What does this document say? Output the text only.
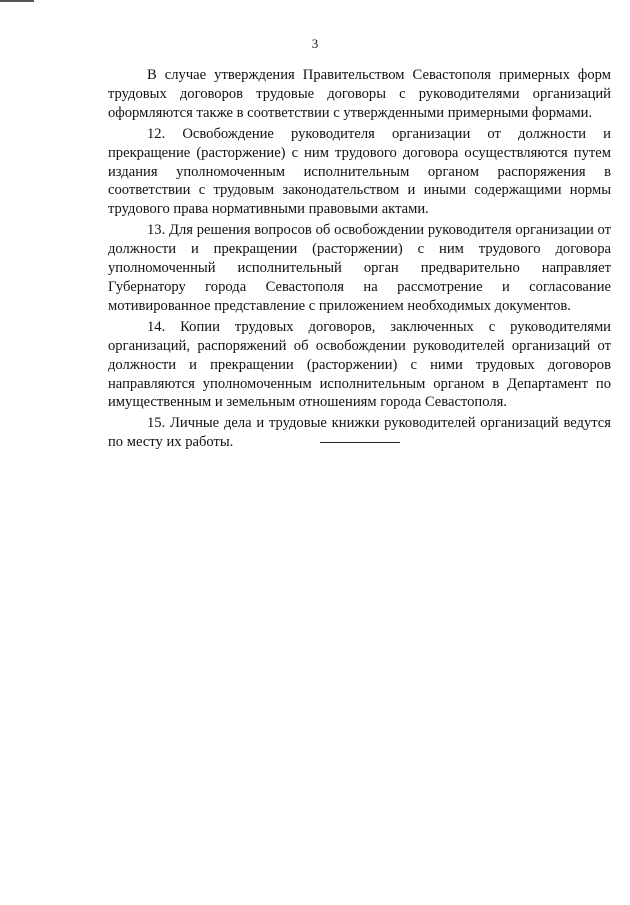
3

В случае утверждения Правительством Севастополя примерных форм трудовых договоров трудовые договоры с руководителями организаций оформляются также в соответствии с утвержденными примерными формами.

12. Освобождение руководителя организации от должности и прекращение (расторжение) с ним трудового договора осуществляются путем издания уполномоченным исполнительным органом распоряжения в соответствии с трудовым законодательством и иными содержащими нормы трудового права нормативными правовыми актами.

13. Для решения вопросов об освобождении руководителя организации от должности и прекращении (расторжении) с ним трудового договора уполномоченный исполнительный орган предварительно направляет Губернатору города Севастополя на рассмотрение и согласование мотивированное представление с приложением необходимых документов.

14. Копии трудовых договоров, заключенных с руководителями организаций, распоряжений об освобождении руководителей организаций от должности и прекращении (расторжении) с ними трудовых договоров направляются уполномоченным исполнительным органом в Департамент по имущественным и земельным отношениям города Севастополя.

15. Личные дела и трудовые книжки руководителей организаций ведутся по месту их работы.
